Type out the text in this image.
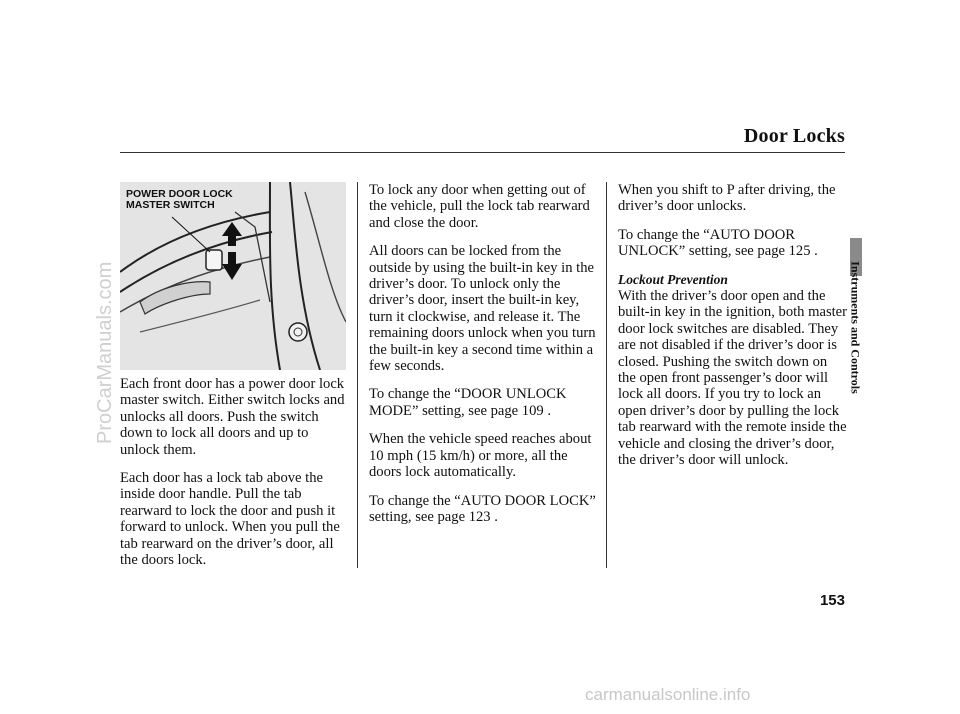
Door Locks
Instruments and Controls
POWER DOOR LOCK
MASTER SWITCH

Each front door has a power door lock master switch. Either switch locks and unlocks all doors. Push the switch down to lock all doors and up to unlock them.

Each door has a lock tab above the inside door handle. Pull the tab rearward to lock the door and push it forward to unlock. When you pull the tab rearward on the driver’s door, all the doors lock.

To lock any door when getting out of the vehicle, pull the lock tab rearward and close the door.

All doors can be locked from the outside by using the built-in key in the driver’s door. To unlock only the driver’s door, insert the built-in key, turn it clockwise, and release it. The remaining doors unlock when you turn the built-in key a second time within a few seconds.

To change the “DOOR UNLOCK MODE” setting, see page 109 .

When the vehicle speed reaches about 10 mph (15 km/h) or more, all the doors lock automatically.

To change the “AUTO DOOR LOCK” setting, see page 123 .

When you shift to P after driving, the driver’s door unlocks.

To change the “AUTO DOOR UNLOCK” setting, see page 125 .

Lockout Prevention

With the driver’s door open and the built-in key in the ignition, both master door lock switches are disabled. They are not disabled if the driver’s door is closed. Pushing the switch down on the open front passenger’s door will lock all doors. If you try to lock an open driver’s door by pulling the lock tab rearward with the remote inside the vehicle and closing the driver’s door, the driver’s door will unlock.

153
ProCarManuals.com
carmanualsonline.info
